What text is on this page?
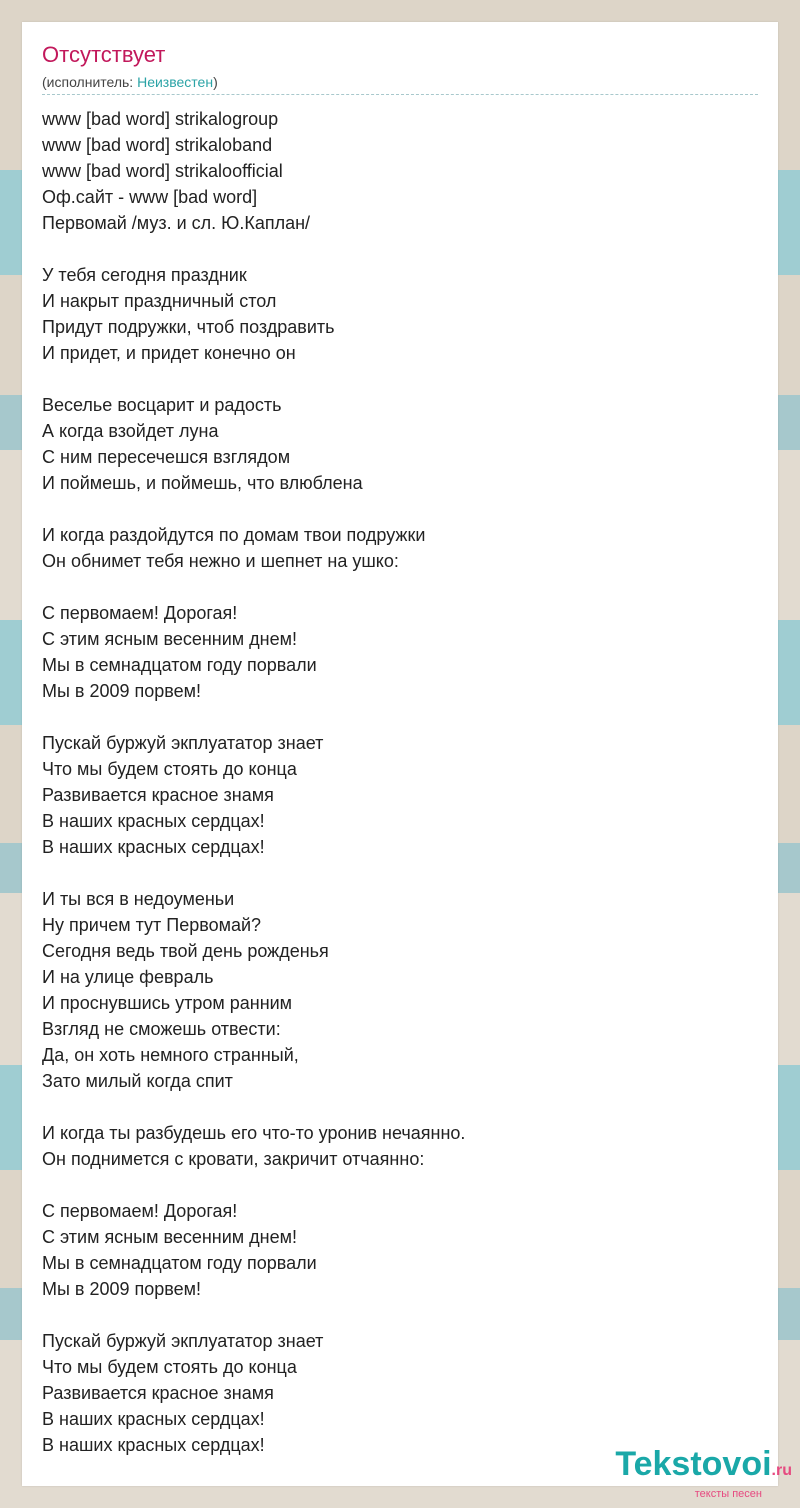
Отсутствует
(исполнитель: Неизвестен)
www [bad word] strikalogroup
www [bad word] strikaloband
www [bad word] strikaloofficial
Оф.сайт - www [bad word]
Первомай /муз. и сл. Ю.Каплан/
У тебя сегодня праздник
И накрыт праздничный стол
Придут подружки, чтоб поздравить
И придет, и придет конечно он
Веселье восцарит и радость
А когда взойдет луна
С ним пересечешся взглядом
И поймешь, и поймешь, что влюблена
И когда раздойдутся по домам твои подружки
Он обнимет тебя нежно и шепнет на ушко:
С первомаем! Дорогая!
С этим ясным весенним днем!
Мы в семнадцатом году порвали
Мы в 2009 порвем!
Пускай буржуй экплуататор знает
Что мы будем стоять до конца
Развивается красное знамя
В наших красных сердцах!
В наших красных сердцах!
И ты вся в недоуменьи
Ну причем тут Первомай?
Сегодня ведь твой день рожденья
И на улице февраль
И проснувшись утром ранним
Взгляд не сможешь отвести:
Да, он хоть немного странный,
Зато милый когда спит
И когда ты разбудешь его что-то уронив нечаянно.
Он поднимется с кровати, закричит отчаянно:
С первомаем! Дорогая!
С этим ясным весенним днем!
Мы в семнадцатом году порвали
Мы в 2009 порвем!
Пускай буржуй экплуататор знает
Что мы будем стоять до конца
Развивается красное знамя
В наших красных сердцах!
В наших красных сердцах!	Tekstovoi.ru
тексты песен
